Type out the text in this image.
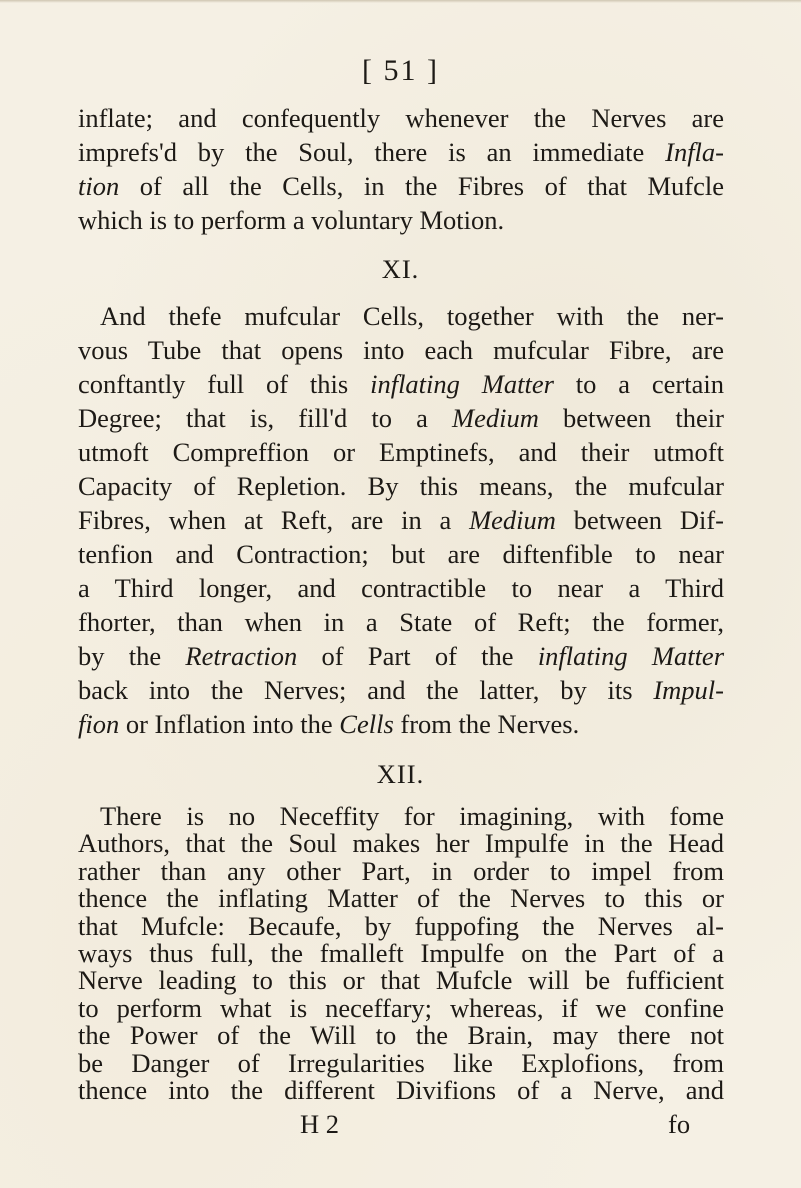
[ 51 ]
inflate; and confequently whenever the Nerves are
imprefs'd by the Soul, there is an immediate Infla-
tion of all the Cells, in the Fibres of that Mufcle
which is to perform a voluntary Motion.
XI.
And thefe mufcular Cells, together with the ner-
vous Tube that opens into each mufcular Fibre, are
conftantly full of this inflating Matter to a certain
Degree; that is, fill'd to a Medium between their
utmoft Compreffion or Emptinefs, and their utmoft
Capacity of Repletion. By this means, the mufcular
Fibres, when at Reft, are in a Medium between Dif-
tenfion and Contraction; but are diftenfible to near
a Third longer, and contractible to near a Third
fhorter, than when in a State of Reft; the former,
by the Retraction of Part of the inflating Matter
back into the Nerves; and the latter, by its Impul-
fion or Inflation into the Cells from the Nerves.
XII.
There is no Neceffity for imagining, with fome
Authors, that the Soul makes her Impulfe in the Head
rather than any other Part, in order to impel from
thence the inflating Matter of the Nerves to this or
that Mufcle: Becaufe, by fuppofing the Nerves al-
ways thus full, the fmalleft Impulfe on the Part of a
Nerve leading to this or that Mufcle will be fufficient
to perform what is neceffary; whereas, if we confine
the Power of the Will to the Brain, may there not
be Danger of Irregularities like Explofions, from
thence into the different Divifions of a Nerve, and
H 2	fo
